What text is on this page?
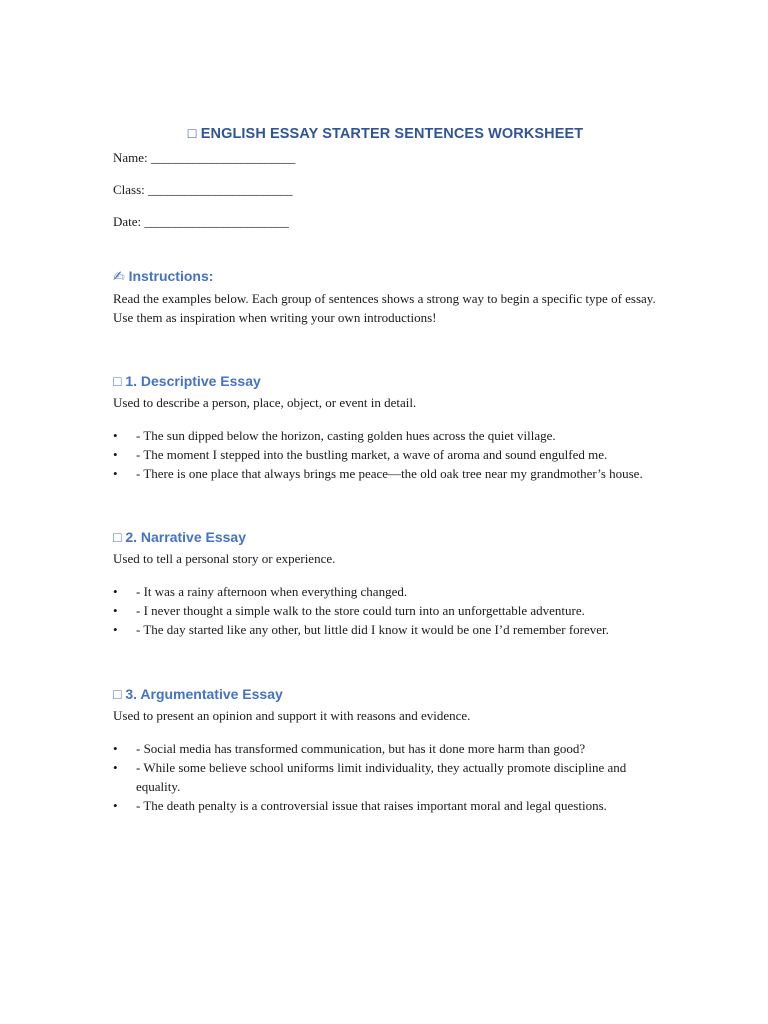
□ ENGLISH ESSAY STARTER SENTENCES WORKSHEET
Name: ________________________
Class: ________________________
Date: ________________________
✍ Instructions:

Read the examples below. Each group of sentences shows a strong way to begin a specific type of essay. Use them as inspiration when writing your own introductions!

□ 1. Descriptive Essay

Used to describe a person, place, object, or event in detail.

• - The sun dipped below the horizon, casting golden hues across the quiet village.
• - The moment I stepped into the bustling market, a wave of aroma and sound engulfed me.
• - There is one place that always brings me peace—the old oak tree near my grandmother’s house.
□ 2. Narrative Essay

Used to tell a personal story or experience.

• - It was a rainy afternoon when everything changed.
• - I never thought a simple walk to the store could turn into an unforgettable adventure.
• - The day started like any other, but little did I know it would be one I’d remember forever.
□ 3. Argumentative Essay

Used to present an opinion and support it with reasons and evidence.

• - Social media has transformed communication, but has it done more harm than good?
• - While some believe school uniforms limit individuality, they actually promote discipline and equality.
• - The death penalty is a controversial issue that raises important moral and legal questions.
